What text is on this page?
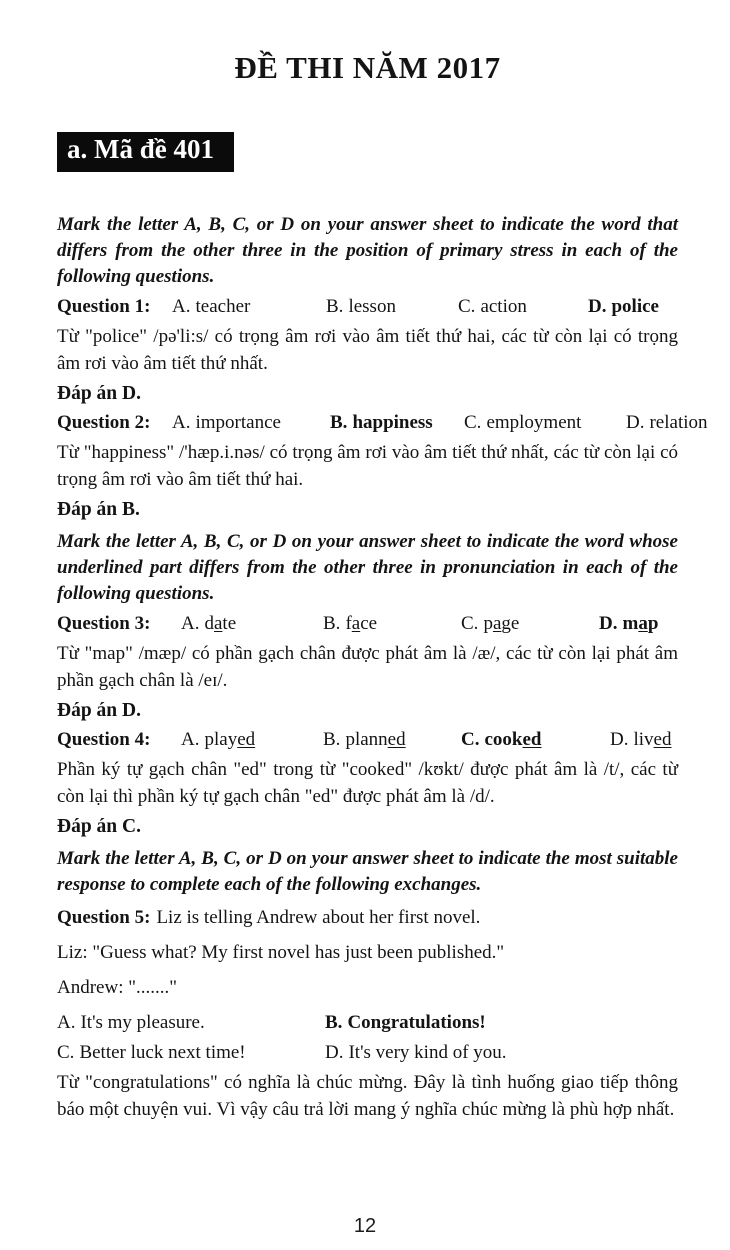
ĐỀ THI NĂM 2017
a. Mã đề 401

Mark the letter A, B, C, or D on your answer sheet to indicate the word that differs from the other three in the position of primary stress in each of the following questions.

Question 1:	A. teacher	B. lesson	C. action	D. police

Từ "police" /pə'li:s/ có trọng âm rơi vào âm tiết thứ hai, các từ còn lại có trọng âm rơi vào âm tiết thứ nhất.

Đáp án D.

Question 2:	A. importance	B. happiness	C. employment	D. relation

Từ "happiness" /'hæp.i.nəs/ có trọng âm rơi vào âm tiết thứ nhất, các từ còn lại có trọng âm rơi vào âm tiết thứ hai.

Đáp án B.

Mark the letter A, B, C, or D on your answer sheet to indicate the word whose underlined part differs from the other three in pronunciation in each of the following questions.

Question 3:	A. date	B. face	C. page	D. map

Từ "map" /mæp/ có phần gạch chân được phát âm là /æ/, các từ còn lại phát âm phần gạch chân là /eɪ/.

Đáp án D.

Question 4:	A. played	B. planned	C. cooked	D. lived

Phần ký tự gạch chân "ed" trong từ "cooked" /kʊkt/ được phát âm là /t/, các từ còn lại thì phần ký tự gạch chân "ed" được phát âm là /d/.

Đáp án C.

Mark the letter A, B, C, or D on your answer sheet to indicate the most suitable response to complete each of the following exchanges.

Question 5: Liz is telling Andrew about her first novel.

Liz: "Guess what? My first novel has just been published."

Andrew: "......."

A. It's my pleasure.	B. Congratulations!
C. Better luck next time!	D. It's very kind of you.

Từ "congratulations" có nghĩa là chúc mừng. Đây là tình huống giao tiếp thông báo một chuyện vui. Vì vậy câu trả lời mang ý nghĩa chúc mừng là phù hợp nhất.

12
